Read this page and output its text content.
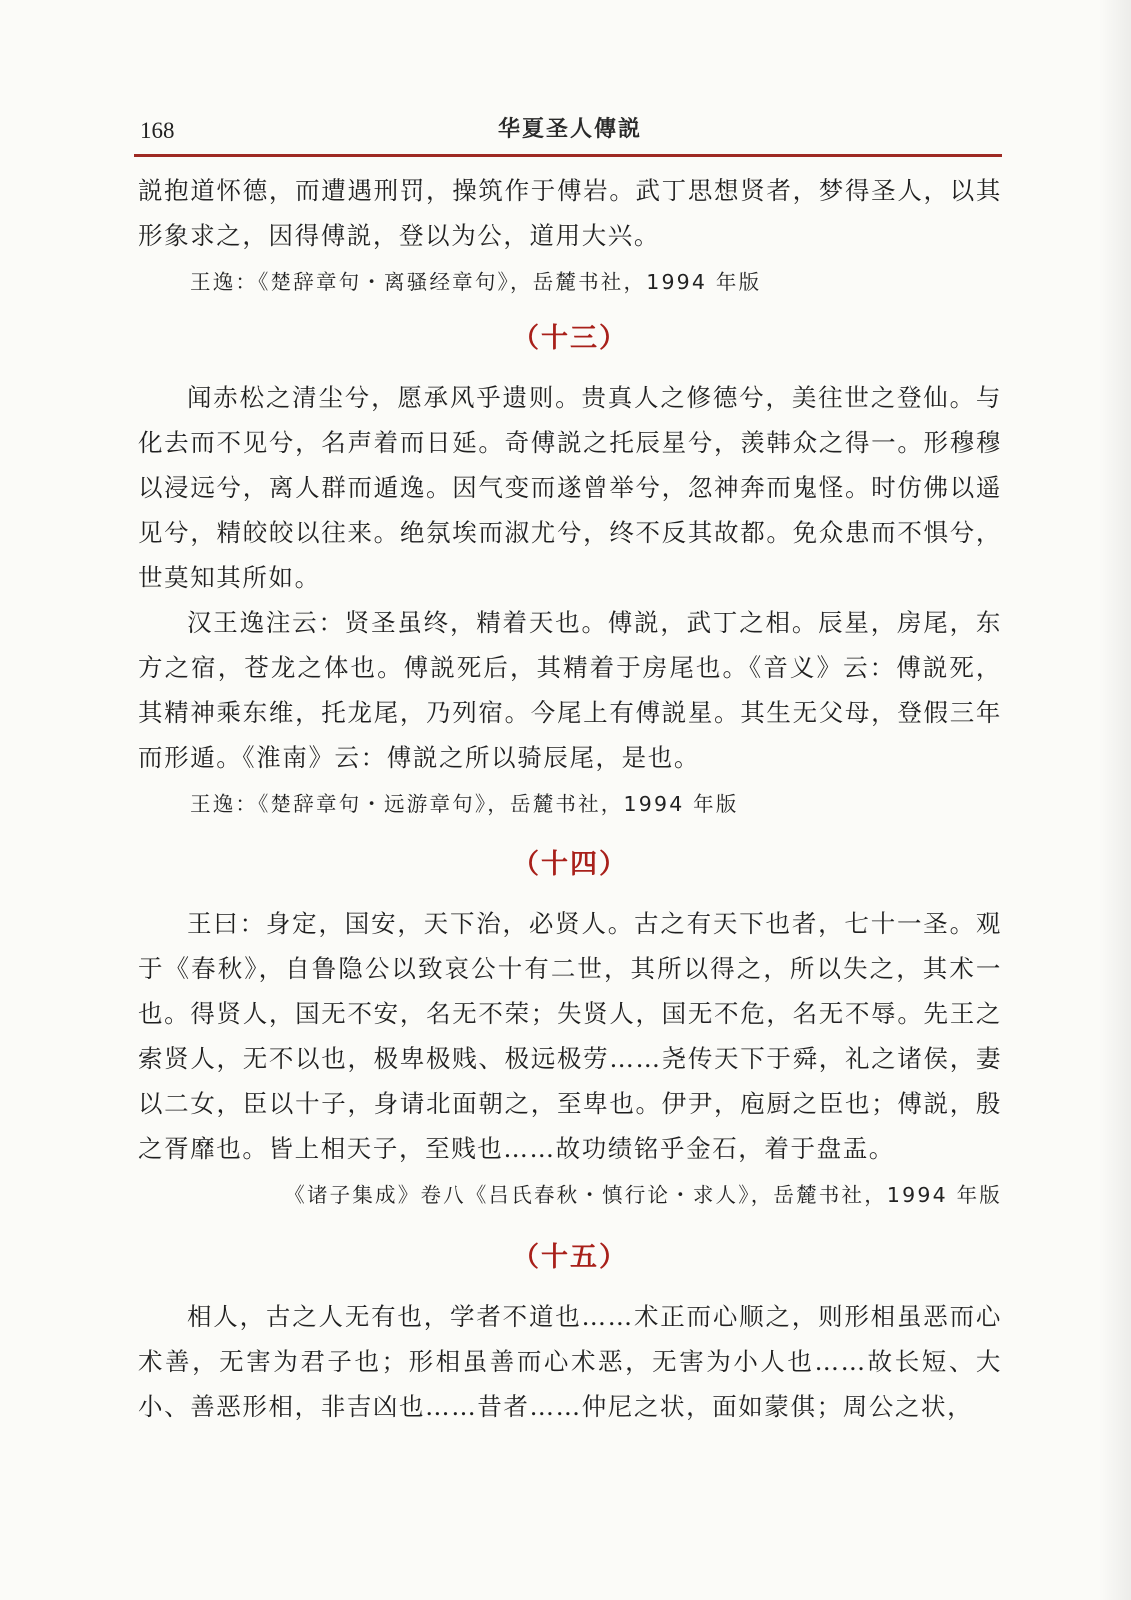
168	华夏圣人傳説

説抱道怀德，而遭遇刑罚，操筑作于傅岩。武丁思想贤者，梦得圣人，以其形象求之，因得傅説，登以为公，道用大兴。

王逸：《楚辞章句・离骚经章句》，岳麓书社，1994 年版

（十三）

闻赤松之清尘兮，愿承风乎遗则。贵真人之修德兮，美往世之登仙。与化去而不见兮，名声着而日延。奇傅説之托辰星兮，羡韩众之得一。形穆穆以浸远兮，离人群而遁逸。因气变而遂曾举兮，忽神奔而鬼怪。时仿佛以遥见兮，精皎皎以往来。绝氛埃而淑尤兮，终不反其故都。免众患而不惧兮，世莫知其所如。

汉王逸注云：贤圣虽终，精着天也。傅説，武丁之相。辰星，房尾，东方之宿，苍龙之体也。傅説死后，其精着于房尾也。《音义》云：傅説死，其精神乘东维，托龙尾，乃列宿。今尾上有傅説星。其生无父母，登假三年而形遁。《淮南》云：傅説之所以骑辰尾，是也。

王逸：《楚辞章句・远游章句》，岳麓书社，1994 年版

（十四）

王曰：身定，国安，天下治，必贤人。古之有天下也者，七十一圣。观于《春秋》，自鲁隐公以致哀公十有二世，其所以得之，所以失之，其术一也。得贤人，国无不安，名无不荣；失贤人，国无不危，名无不辱。先王之索贤人，无不以也，极卑极贱、极远极劳……尧传天下于舜，礼之诸侯，妻以二女，臣以十子，身请北面朝之，至卑也。伊尹，庖厨之臣也；傅説，殷之胥靡也。皆上相天子，至贱也……故功绩铭乎金石，着于盘盂。

《诸子集成》卷八《吕氏春秋・慎行论・求人》，岳麓书社，1994 年版

（十五）

相人，古之人无有也，学者不道也……术正而心顺之，则形相虽恶而心术善，无害为君子也；形相虽善而心术恶，无害为小人也……故长短、大小、善恶形相，非吉凶也……昔者……仲尼之状，面如蒙倛；周公之状，
